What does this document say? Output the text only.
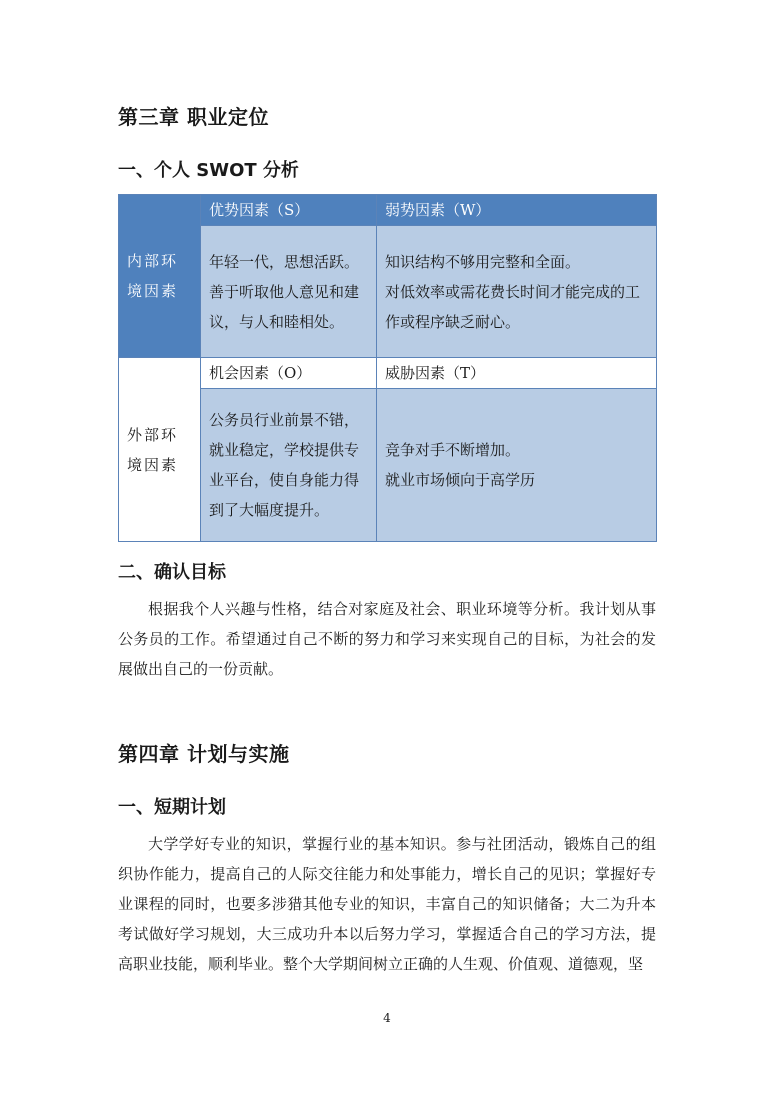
第三章 职业定位
一、个人 SWOT 分析
内部环境因素	优势因素（S）	弱势因素（W）

	年轻一代，思想活跃。善于听取他人意见和建议，与人和睦相处。	知识结构不够用完整和全面。
对低效率或需花费长时间才能完成的工作或程序缺乏耐心。

外部环境因素	机会因素（O）	威胁因素（T）

	公务员行业前景不错，就业稳定，学校提供专业平台，使自身能力得到了大幅度提升。	竞争对手不断增加。
就业市场倾向于高学历
二、确认目标

根据我个人兴趣与性格，结合对家庭及社会、职业环境等分析。我计划从事公务员的工作。希望通过自己不断的努力和学习来实现自己的目标，为社会的发展做出自己的一份贡献。

第四章 计划与实施
一、短期计划

大学学好专业的知识，掌握行业的基本知识。参与社团活动，锻炼自己的组织协作能力，提高自己的人际交往能力和处事能力，增长自己的见识；掌握好专业课程的同时，也要多涉猎其他专业的知识，丰富自己的知识储备；大二为升本考试做好学习规划，大三成功升本以后努力学习，掌握适合自己的学习方法，提高职业技能，顺利毕业。整个大学期间树立正确的人生观、价值观、道德观，坚

4
